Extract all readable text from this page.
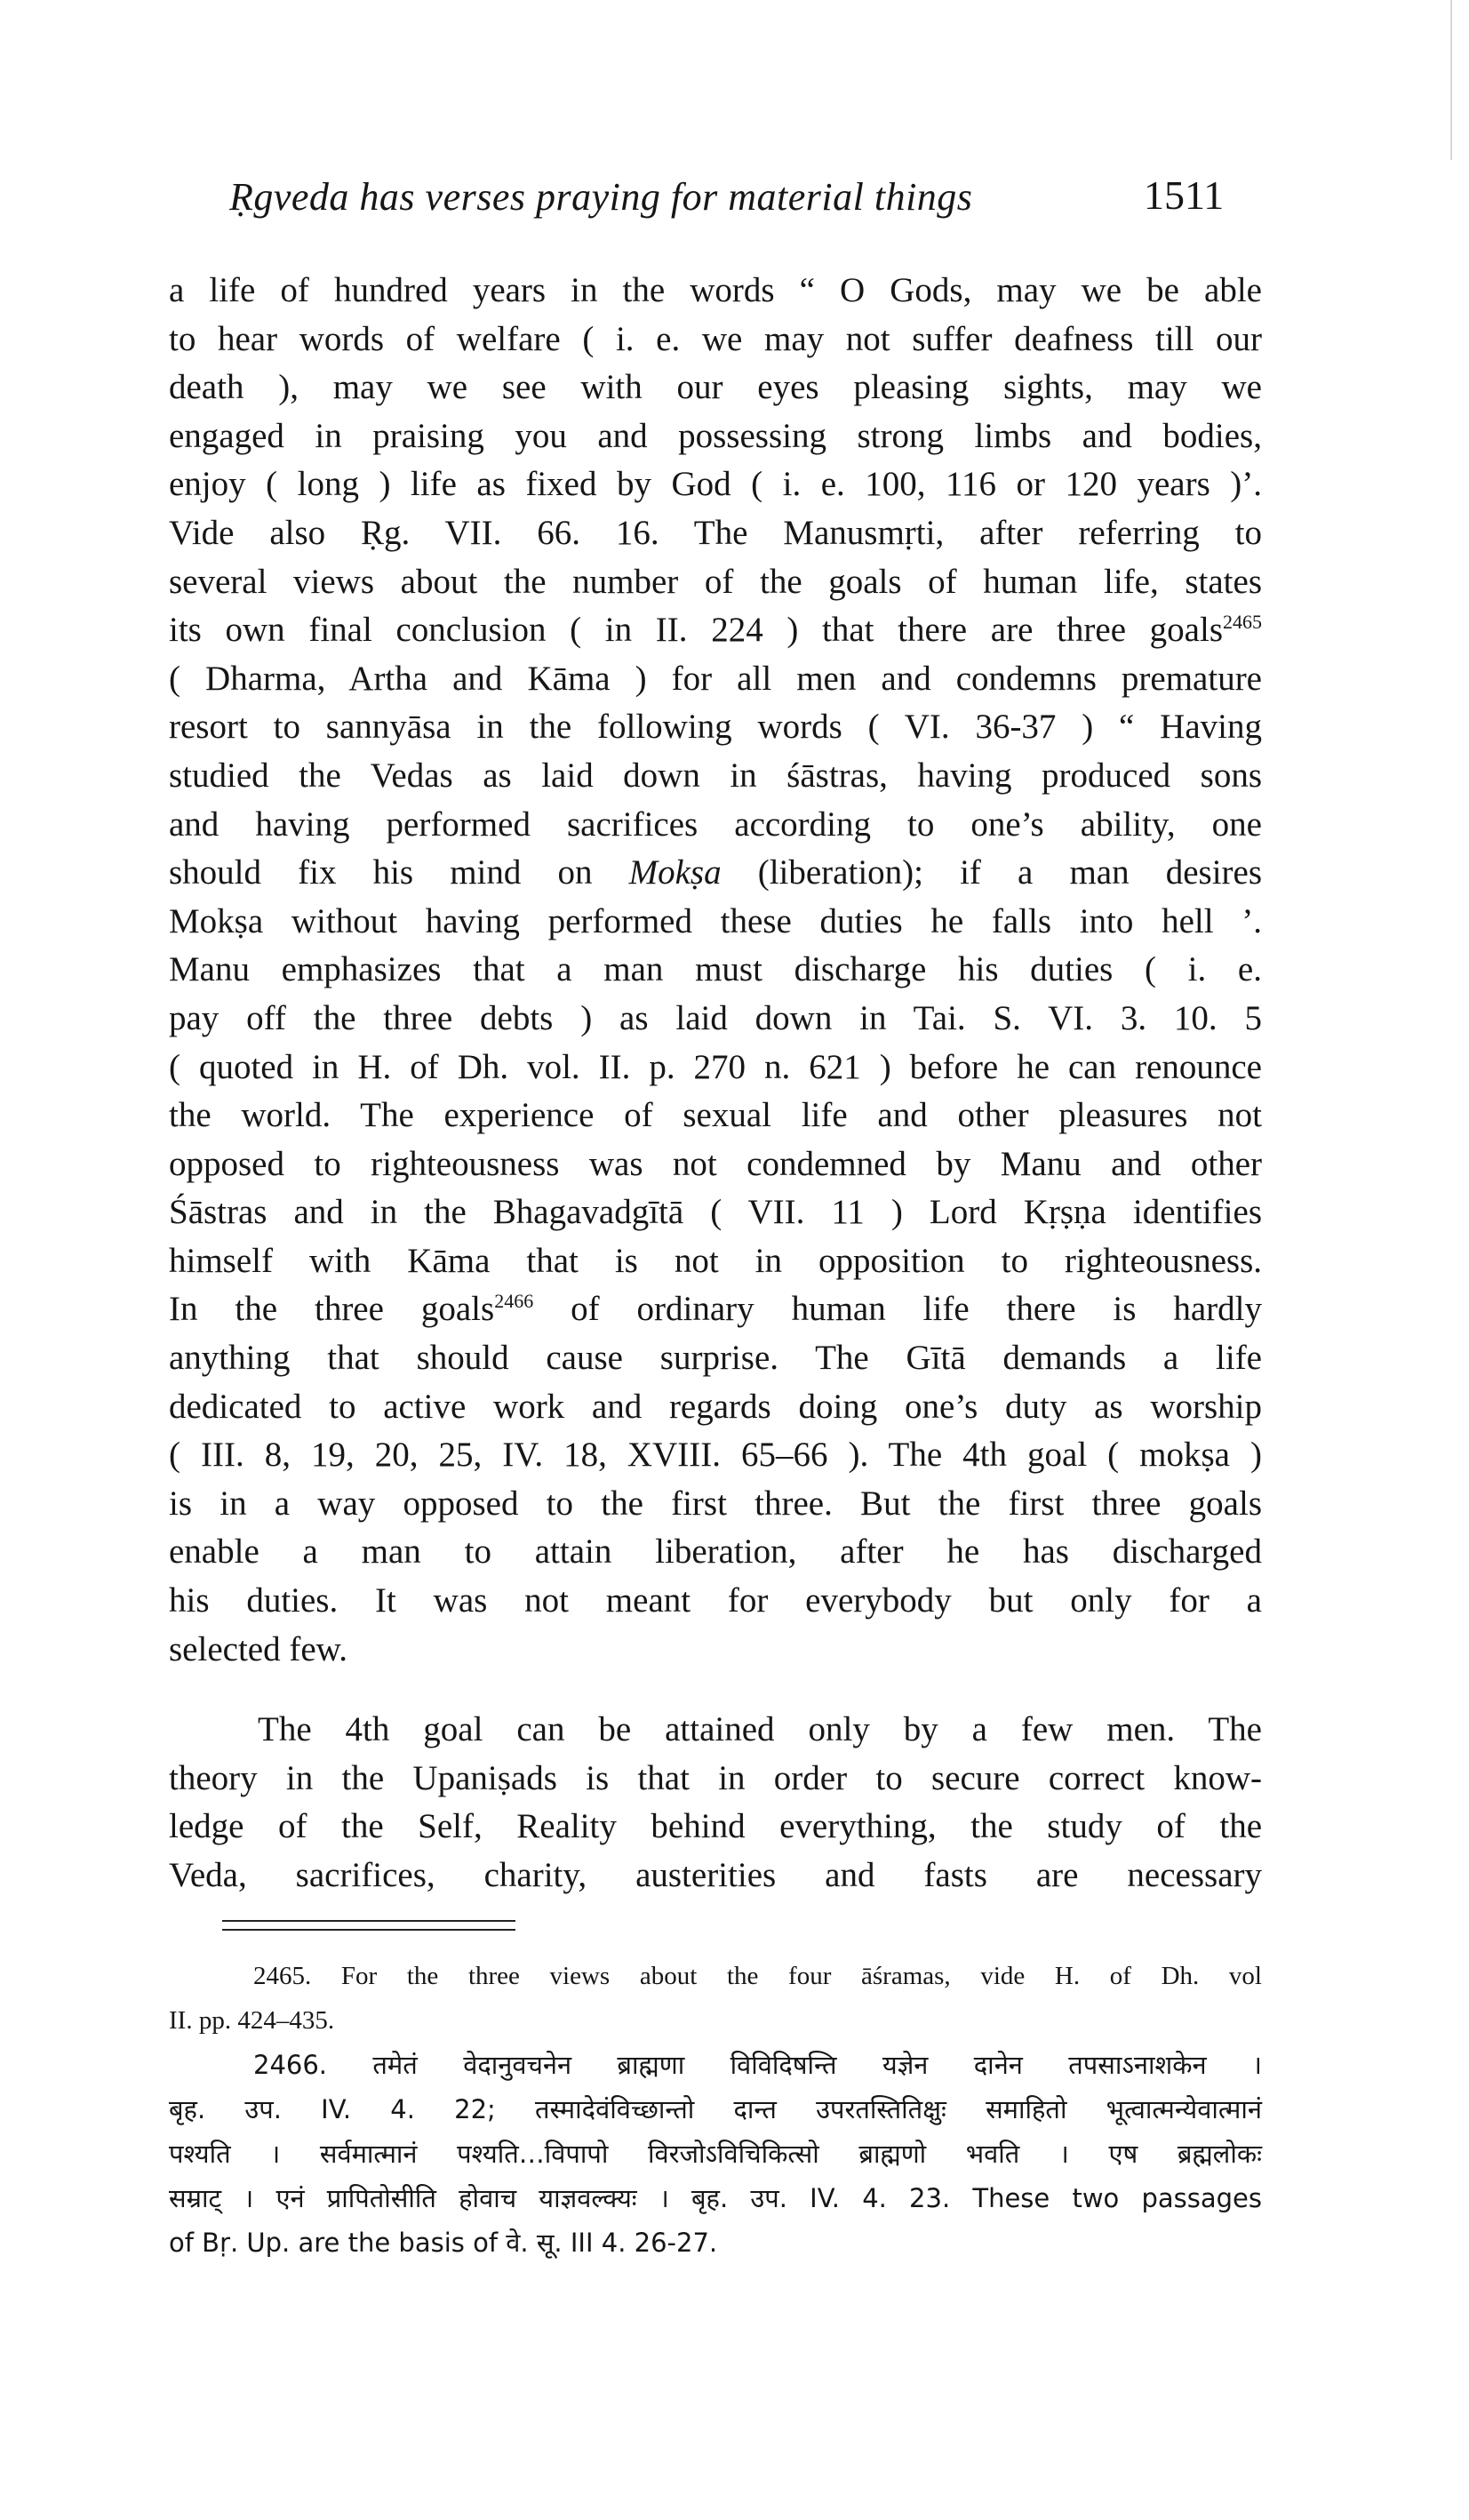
Ṛgveda has verses praying for material things	1511
a life of hundred years in the words “ O Gods, may we be able
to hear words of welfare ( i. e. we may not suffer deafness till our
death ), may we see with our eyes pleasing sights, may we
engaged in praising you and possessing strong limbs and bodies,
enjoy ( long ) life as fixed by God ( i. e. 100, 116 or 120 years )’.
Vide also Ṛg. VII. 66. 16. The Manusmṛti, after referring to
several views about the number of the goals of human life, states
its own final conclusion ( in II. 224 ) that there are three goals$^{2465}$
( Dharma, Artha and Kāma ) for all men and condemns premature
resort to sannyāsa in the following words ( VI. 36-37 ) “ Having
studied the Vedas as laid down in śāstras, having produced sons
and having performed sacrifices according to one’s ability, one
should fix his mind on Mokṣa (liberation); if a man desires
Mokṣa without having performed these duties he falls into hell ’.
Manu emphasizes that a man must discharge his duties ( i. e.
pay off the three debts ) as laid down in Tai. S. VI. 3. 10. 5
( quoted in H. of Dh. vol. II. p. 270 n. 621 ) before he can renounce
the world. The experience of sexual life and other pleasures not
opposed to righteousness was not condemned by Manu and other
Śāstras and in the Bhagavadgītā ( VII. 11 ) Lord Kṛṣṇa identifies
himself with Kāma that is not in opposition to righteousness.
In the three goals$^{2466}$ of ordinary human life there is hardly
anything that should cause surprise. The Gītā demands a life
dedicated to active work and regards doing one’s duty as worship
( III. 8, 19, 20, 25, IV. 18, XVIII. 65–66 ). The 4th goal ( mokṣa )
is in a way opposed to the first three. But the first three goals
enable a man to attain liberation, after he has discharged
his duties. It was not meant for everybody but only for a
selected few.
The 4th goal can be attained only by a few men. The
theory in the Upaniṣads is that in order to secure correct know-
ledge of the Self, Reality behind everything, the study of the
Veda, sacrifices, charity, austerities and fasts are necessary
2465. For the three views about the four āśramas, vide H. of Dh. vol
II. pp. 424–435.
2466. तमेतं वेदानुवचनेन ब्राह्मणा विविदिषन्ति यज्ञेन दानेन तपसाऽनाशकेन ।
बृह. उप. IV. 4. 22; तस्मादेवंविच्छान्तो दान्त उपरतस्तितिक्षुः समाहितो भूत्वात्मन्येवात्मानं
पश्यति । सर्वमात्मानं पश्यति…विपापो विरजोऽविचिकित्सो ब्राह्मणो भवति । एष ब्रह्मलोकः
सम्राट् । एनं प्रापितोसीति होवाच याज्ञवल्क्यः । बृह. उप. IV. 4. 23. These two passages
of Bṛ. Up. are the basis of वे. सू. III 4. 26-27.
